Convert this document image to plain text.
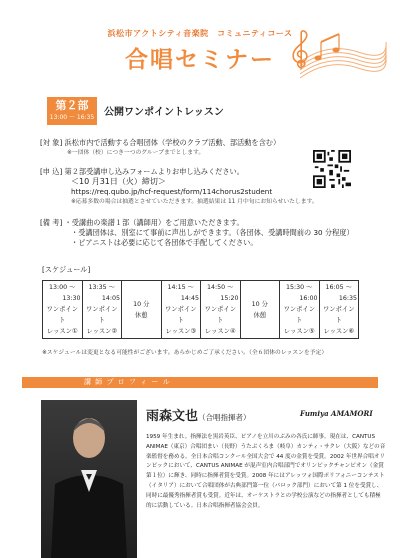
浜松市アクトシティ音楽院　コミュニティコース
合唱セミナー
第２部
13:00 ～ 16:35 公開ワンポイントレッスン
[対 象] 浜松市内で活動する合唱団体（学校のクラブ活動、部活動を含む）
※一団体（校）につき一つのグループまでとします。
[申 込] 第２部受講申し込みフォームよりお申し込みください。
＜10 月31日（火）締切＞
https://req.qubo.jp/hcf-request/form/114chorus2student
※応募多数の場合は抽選とさせていただきます。抽選結果は 11 月中旬にお知らせいたします。
[備 考] ・受講曲の楽譜１部（講師用）をご用意いただきます。
・受講団体は、別室にて事前に声出しができます。（各団体、受講時間前の 30 分程度）
・ピアニストは必要に応じて各団体で手配してください。
[スケジュール]
13:00 ～
13:30
ワンポイント
レッスン①

13:35 ～
14:05
ワンポイント
レッスン②

10 分
休憩

14:15 ～
14:45
ワンポイント
レッスン③

14:50 ～
15:20
ワンポイント
レッスン④

10 分
休憩

15:30 ～
16:00
ワンポイント
レッスン⑤

16:05 ～
16:35
ワンポイント
レッスン⑥
※スケジュールは変更となる可能性がございます。あらかじめご了承ください。（全６団体のレッスンを予定）
講 師 プ ロ フ ィ ー ル
雨森文也（合唱指揮者）	Fumiya AMAMORI
1959 年生まれ。指揮法を黒岩英臣、ピアノを立川のぶみの各氏に師事。現在は、CANTUS ANIMAE（東京）合唱団まい（長野）うたぶくろま（岐阜）カンティ・サクレ（大阪）などの音楽監督を務める。全日本合唱コンクール全国大会で 44 度の金賞を受賞。2002 年世界合唱オリンピックにおいて、CANTUS ANIMAE が混声室内合唱部門でオリンピックチャンピオン（金賞第１位）に輝き、同時に指揮者賞を受賞。2008 年にはアレッツォ国際ポリフォニーコンテスト（イタリア）において合唱団体が古典部門第一位（パロック部門）において第 1 位を受賞し、同時に最優秀指揮者賞も受賞。近年は、オーケストラとの学校公演などの指揮者としても積極的に活動している。日本合唱指揮者協会会員。
